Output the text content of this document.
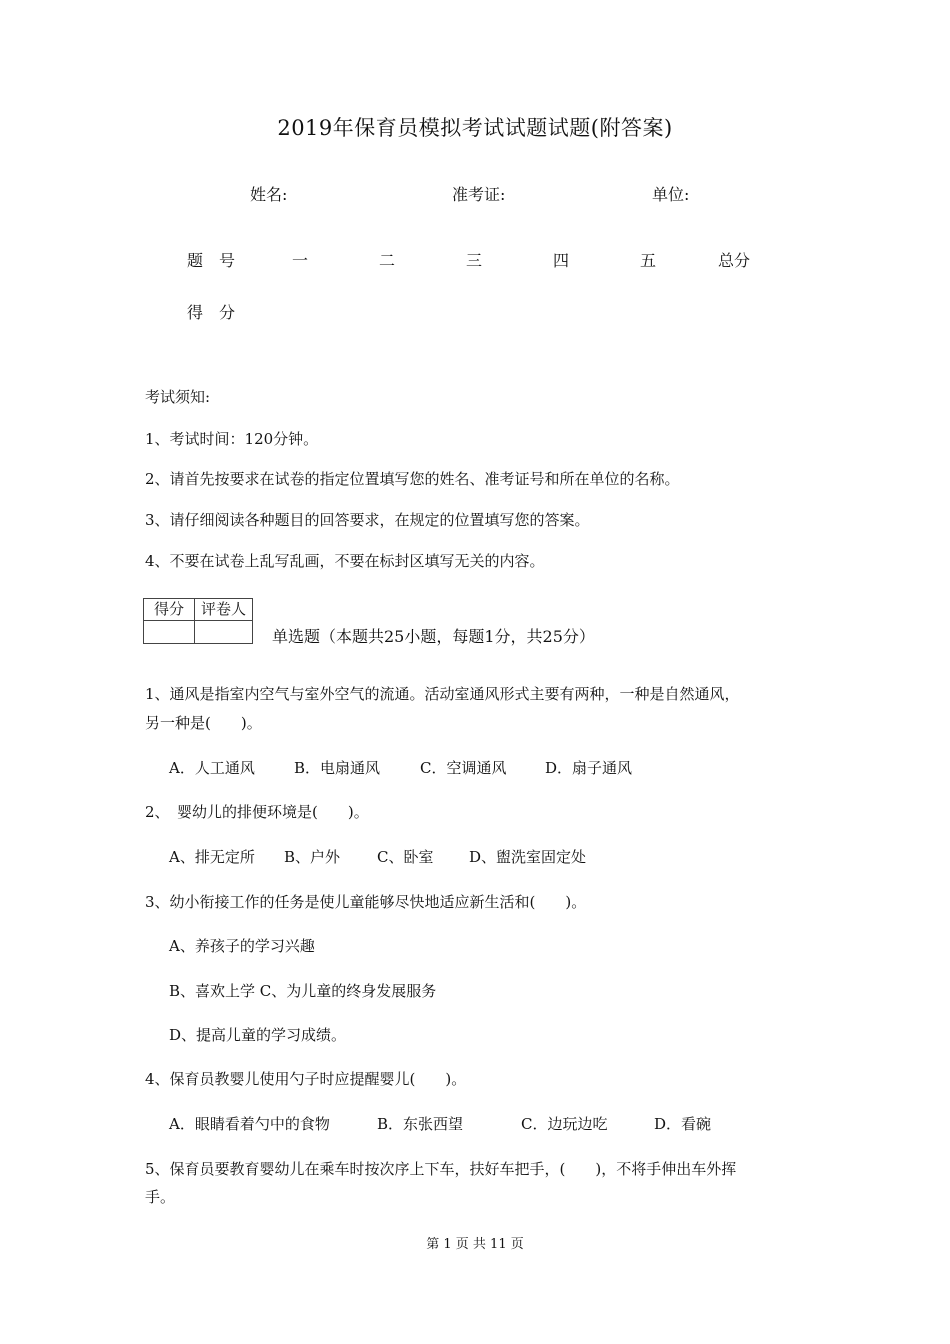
2019年保育员模拟考试试题试题(附答案)
姓名:	准考证:	单位:
题　号	一	二	三	四	五	总分
得　分
考试须知:
1、考试时间：120分钟。
2、请首先按要求在试卷的指定位置填写您的姓名、准考证号和所在单位的名称。
3、请仔细阅读各种题目的回答要求，在规定的位置填写您的答案。
4、不要在试卷上乱写乱画，不要在标封区填写无关的内容。
得分	评卷人
单选题（本题共25小题，每题1分，共25分）
1、通风是指室内空气与室外空气的流通。活动室通风形式主要有两种，一种是自然通风，
另一种是(　　)。
A．人工通风	B．电扇通风	C．空调通风	D．扇子通风
2、　婴幼儿的排便环境是(　　)。
A、排无定所 B、户外 C、卧室 D、盥洗室固定处
3、幼小衔接工作的任务是使儿童能够尽快地适应新生活和(　　)。
A、养孩子的学习兴趣
B、喜欢上学 C、为儿童的终身发展服务
D、提高儿童的学习成绩。
4、保育员教婴儿使用勺子时应提醒婴儿(　　)。
A．眼睛看着勺中的食物	B．东张西望	C．边玩边吃	D．看碗
5、保育员要教育婴幼儿在乘车时按次序上下车，扶好车把手，(　　)，不将手伸出车外挥
手。
第 1 页 共 11 页
